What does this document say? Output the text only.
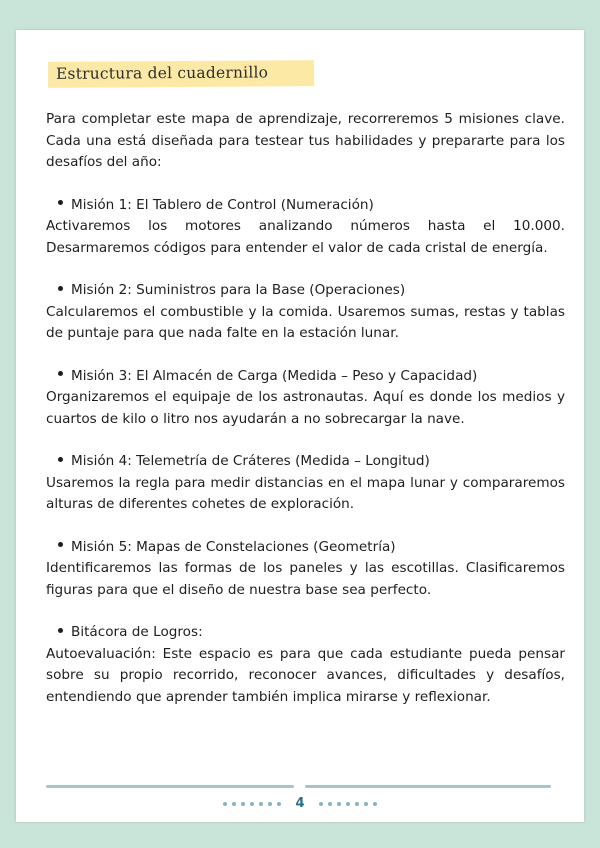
Estructura del cuadernillo

Para completar este mapa de aprendizaje, recorreremos 5 misiones clave. Cada una está diseñada para testear tus habilidades y prepararte para los desafíos del año:

Misión 1: El Tablero de Control (Numeración)

Activaremos los motores analizando números hasta el 10.000. Desarmaremos códigos para entender el valor de cada cristal de energía.

Misión 2: Suministros para la Base (Operaciones)

Calcularemos el combustible y la comida. Usaremos sumas, restas y tablas de puntaje para que nada falte en la estación lunar.

Misión 3: El Almacén de Carga (Medida – Peso y Capacidad)

Organizaremos el equipaje de los astronautas. Aquí es donde los medios y cuartos de kilo o litro nos ayudarán a no sobrecargar la nave.

Misión 4: Telemetría de Cráteres (Medida – Longitud)

Usaremos la regla para medir distancias en el mapa lunar y compararemos alturas de diferentes cohetes de exploración.

Misión 5: Mapas de Constelaciones (Geometría)

Identificaremos las formas de los paneles y las escotillas. Clasificaremos figuras para que el diseño de nuestra base sea perfecto.

Bitácora de Logros:

Autoevaluación: Este espacio es para que cada estudiante pueda pensar sobre su propio recorrido, reconocer avances, dificultades y desafíos, entendiendo que aprender también implica mirarse y reflexionar.

4
